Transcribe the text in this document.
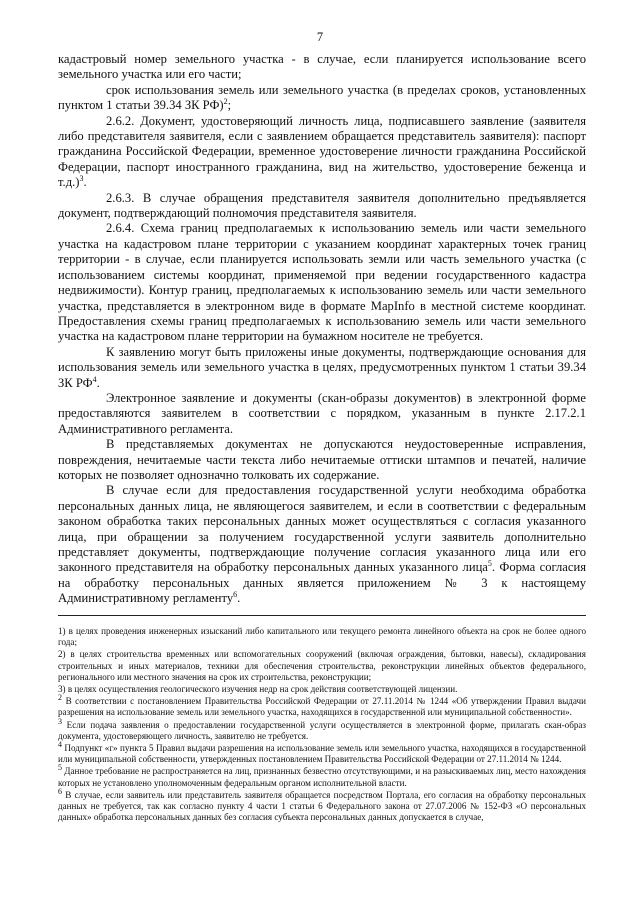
7

кадастровый номер земельного участка - в случае, если планируется использование всего земельного участка или его части;

срок использования земель или земельного участка (в пределах сроков, установленных пунктом 1 статьи 39.34 ЗК РФ)$^2$;

2.6.2. Документ, удостоверяющий личность лица, подписавшего заявление (заявителя либо представителя заявителя, если с заявлением обращается представитель заявителя): паспорт гражданина Российской Федерации, временное удостоверение личности гражданина Российской Федерации, паспорт иностранного гражданина, вид на жительство, удостоверение беженца и т.д.)$^3$.

2.6.3. В случае обращения представителя заявителя дополнительно предъявляется документ, подтверждающий полномочия представителя заявителя.

2.6.4. Схема границ предполагаемых к использованию земель или части земельного участка на кадастровом плане территории с указанием координат характерных точек границ территории - в случае, если планируется использовать земли или часть земельного участка (с использованием системы координат, применяемой при ведении государственного кадастра недвижимости). Контур границ, предполагаемых к использованию земель или части земельного участка, представляется в электронном виде в формате MapInfo в местной системе координат. Предоставления схемы границ предполагаемых к использованию земель или части земельного участка на кадастровом плане территории на бумажном носителе не требуется.

К заявлению могут быть приложены иные документы, подтверждающие основания для использования земель или земельного участка в целях, предусмотренных пунктом 1 статьи 39.34 ЗК $РФ^4$.

Электронное заявление и документы (скан-образы документов) в электронной форме предоставляются заявителем в соответствии с порядком, указанным в пункте 2.17.2.1 Административного регламента.

В представляемых документах не допускаются неудостоверенные исправления, повреждения, нечитаемые части текста либо нечитаемые оттиски штампов и печатей, наличие которых не позволяет однозначно толковать их содержание.

В случае если для предоставления государственной услуги необходима обработка персональных данных лица, не являющегося заявителем, и если в соответствии с федеральным законом обработка таких персональных данных может осуществляться с согласия указанного лица, при обращении за получением государственной услуги заявитель дополнительно представляет документы, подтверждающие получение согласия указанного лица или его законного представителя на обработку персональных данных указанного лица$^5$. Форма согласия на обработку персональных данных является приложением № 3 к настоящему Административному регламенту$^6$.

1) в целях проведения инженерных изысканий либо капитального или текущего ремонта линейного объекта на срок не более одного года;

2) в целях строительства временных или вспомогательных сооружений (включая ограждения, бытовки, навесы), складирования строительных и иных материалов, техники для обеспечения строительства, реконструкции линейных объектов федерального, регионального или местного значения на срок их строительства, реконструкции;

3) в целях осуществления геологического изучения недр на срок действия соответствующей лицензии.

$^2$ В соответствии с постановлением Правительства Российской Федерации от 27.11.2014 № 1244 «Об утверждении Правил выдачи разрешения на использование земель или земельного участка, находящихся в государственной или муниципальной собственности».

$^3$ Если подача заявления о предоставлении государственной услуги осуществляется в электронной форме, прилагать скан-образ документа, удостоверяющего личность, заявителю не требуется.

$^4$ Подпункт «г» пункта 5 Правил выдачи разрешения на использование земель или земельного участка, находящихся в государственной или муниципальной собственности, утвержденных постановлением Правительства Российской Федерации от 27.11.2014 № 1244.

$^5$ Данное требование не распространяется на лиц, признанных безвестно отсутствующими, и на разыскиваемых лиц, место нахождения которых не установлено уполномоченным федеральным органом исполнительной власти.

$^6$ В случае, если заявитель или представитель заявителя обращается посредством Портала, его согласия на обработку персональных данных не требуется, так как согласно пункту 4 части 1 статьи 6 Федерального закона от 27.07.2006 № 152-ФЗ «О персональных данных» обработка персональных данных без согласия субъекта персональных данных допускается в случае,
